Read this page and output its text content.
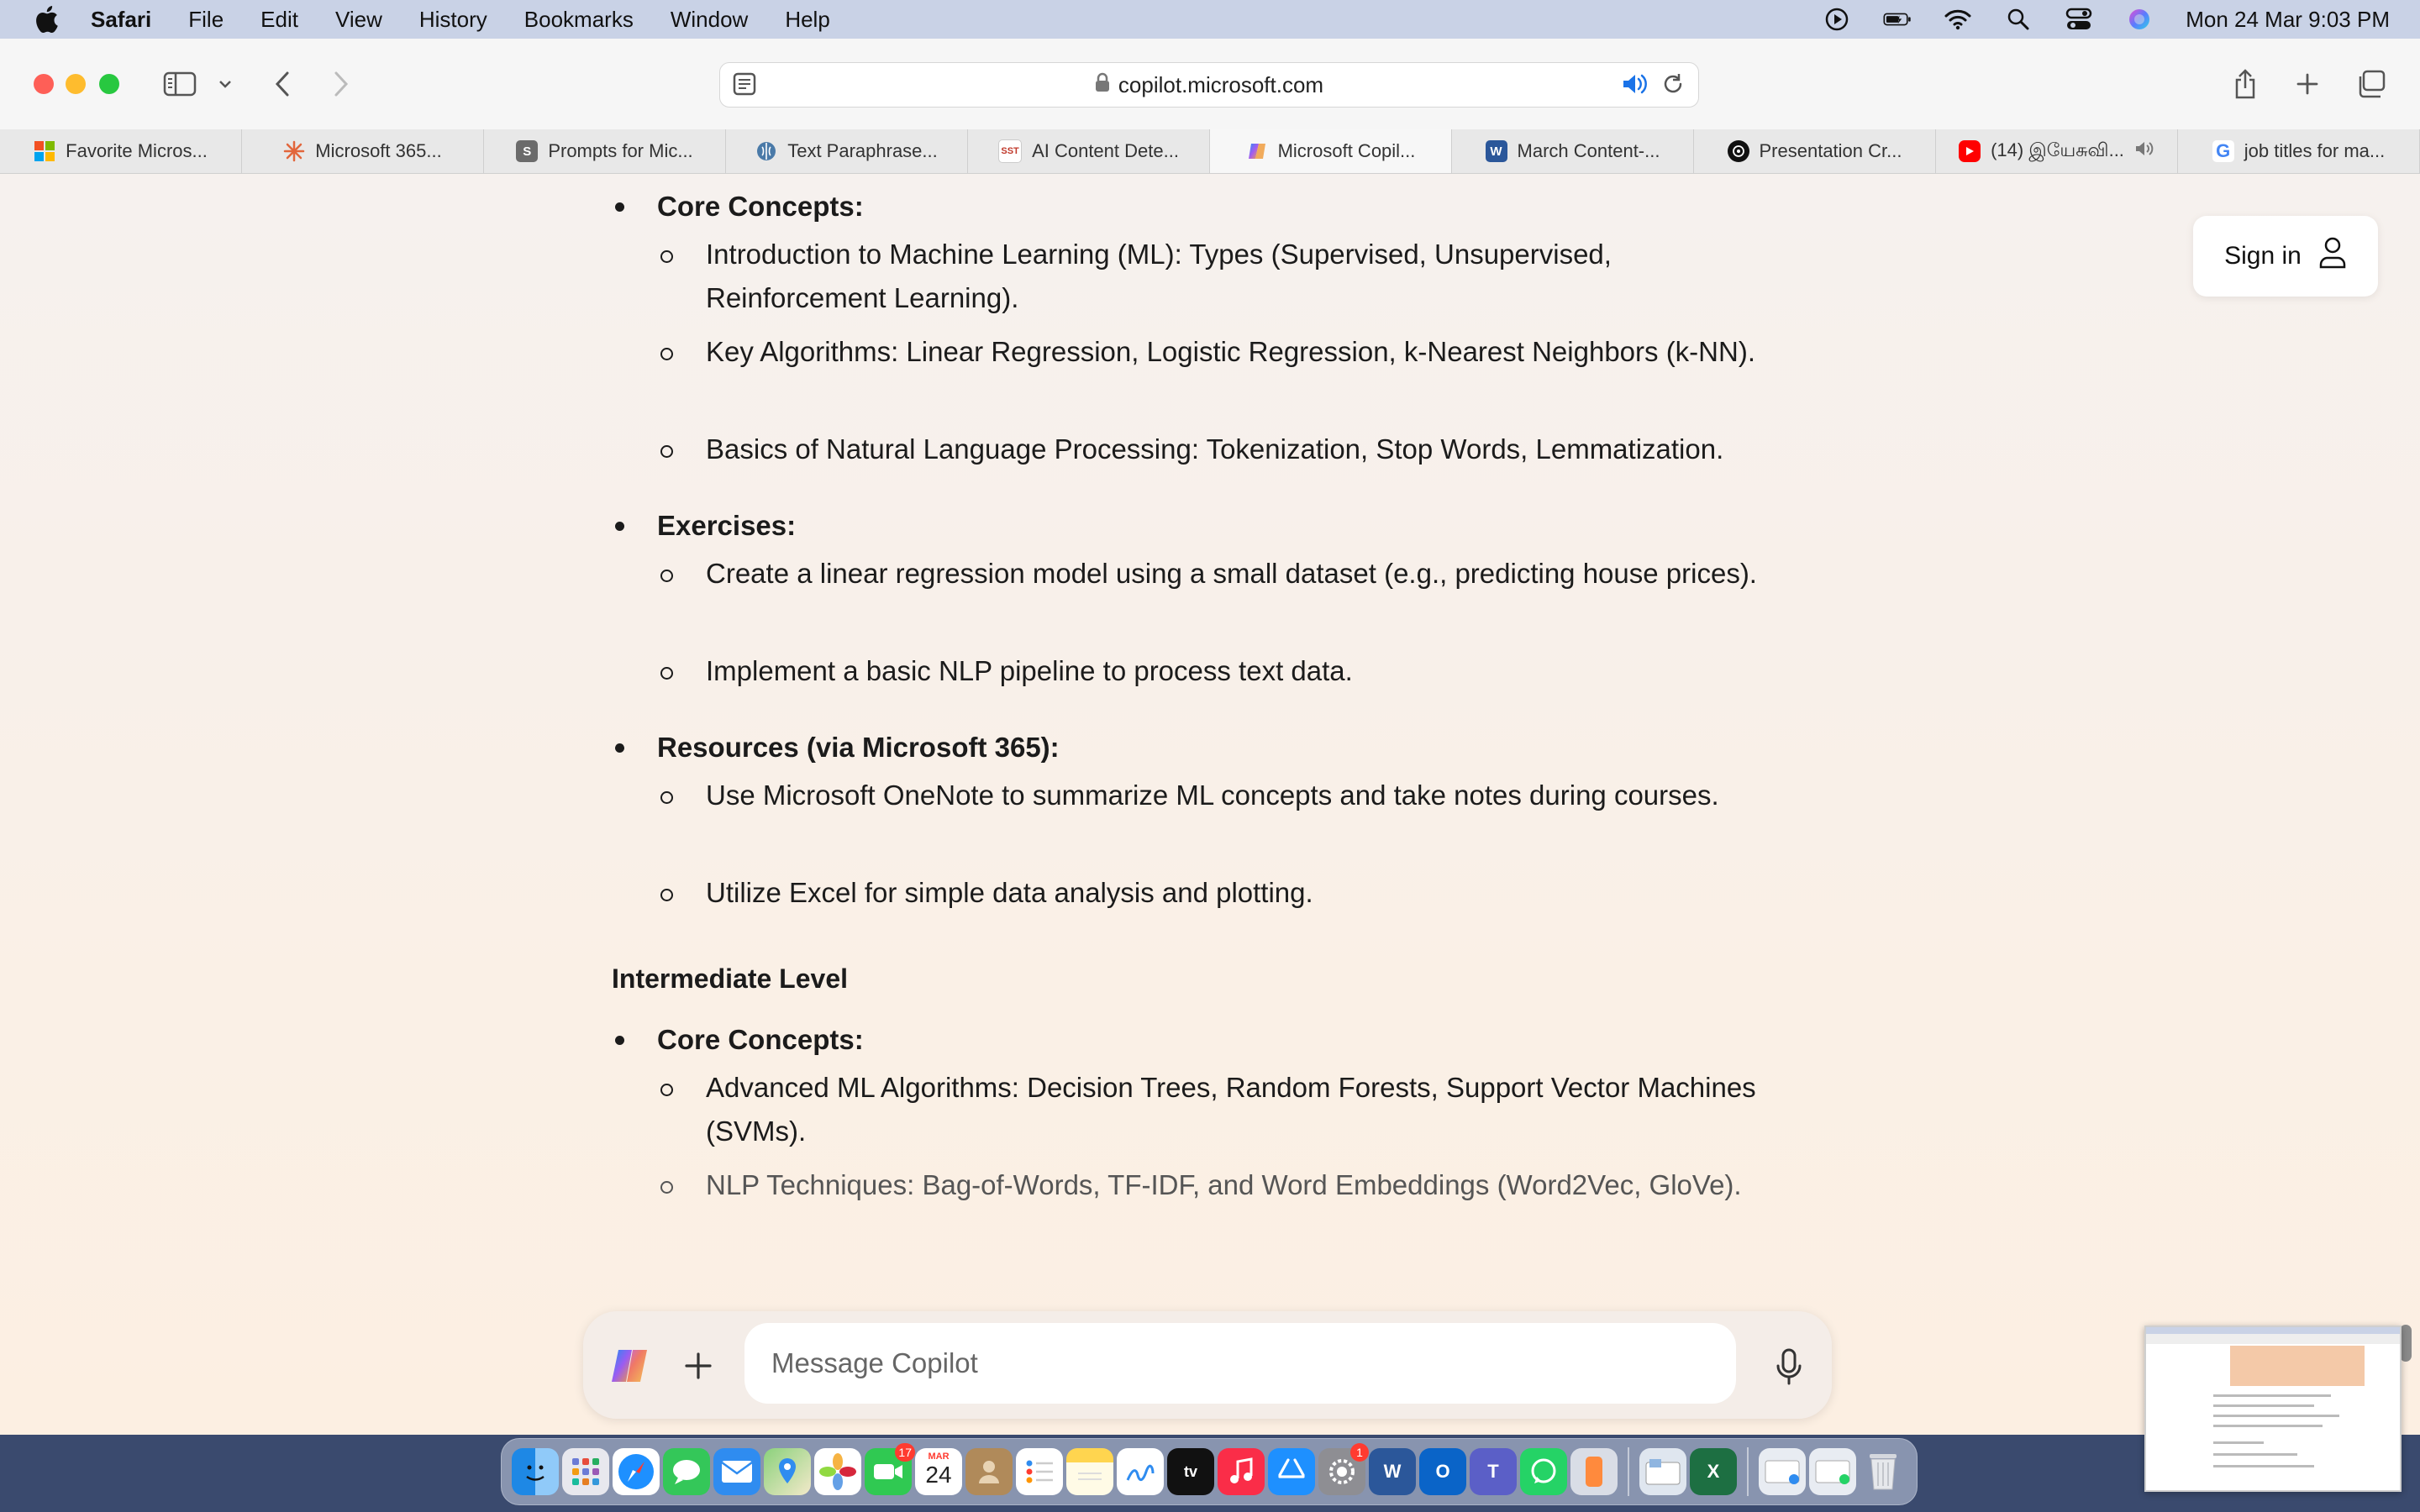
Safari File Edit View History Bookmarks Window Help	Mon 24 Mar 9:03 PM
copilot.microsoft.com
Favorite Micros...	Microsoft 365...	S Prompts for Mic...	Text Paraphrase...	SST AI Content Dete...	Microsoft Copil...	W March Content-...	Presentation Cr...	(14) இயேசுவி...	G job titles for ma...
Core Concepts:
Introduction to Machine Learning (ML): Types (Supervised, Unsupervised, Reinforcement Learning).
Key Algorithms: Linear Regression, Logistic Regression, k-Nearest Neighbors (k-NN).
Basics of Natural Language Processing: Tokenization, Stop Words, Lemmatization.
Exercises:
Create a linear regression model using a small dataset (e.g., predicting house prices).
Implement a basic NLP pipeline to process text data.
Resources (via Microsoft 365):
Use Microsoft OneNote to summarize ML concepts and take notes during courses.
Utilize Excel for simple data analysis and plotting.
Intermediate Level
Core Concepts:
Advanced ML Algorithms: Decision Trees, Random Forests, Support Vector Machines (SVMs).
NLP Techniques: Bag-of-Words, TF-IDF, and Word Embeddings (Word2Vec, GloVe).
Sign in
Message Copilot
17	MAR
24	tv
1
W	O	T	X
